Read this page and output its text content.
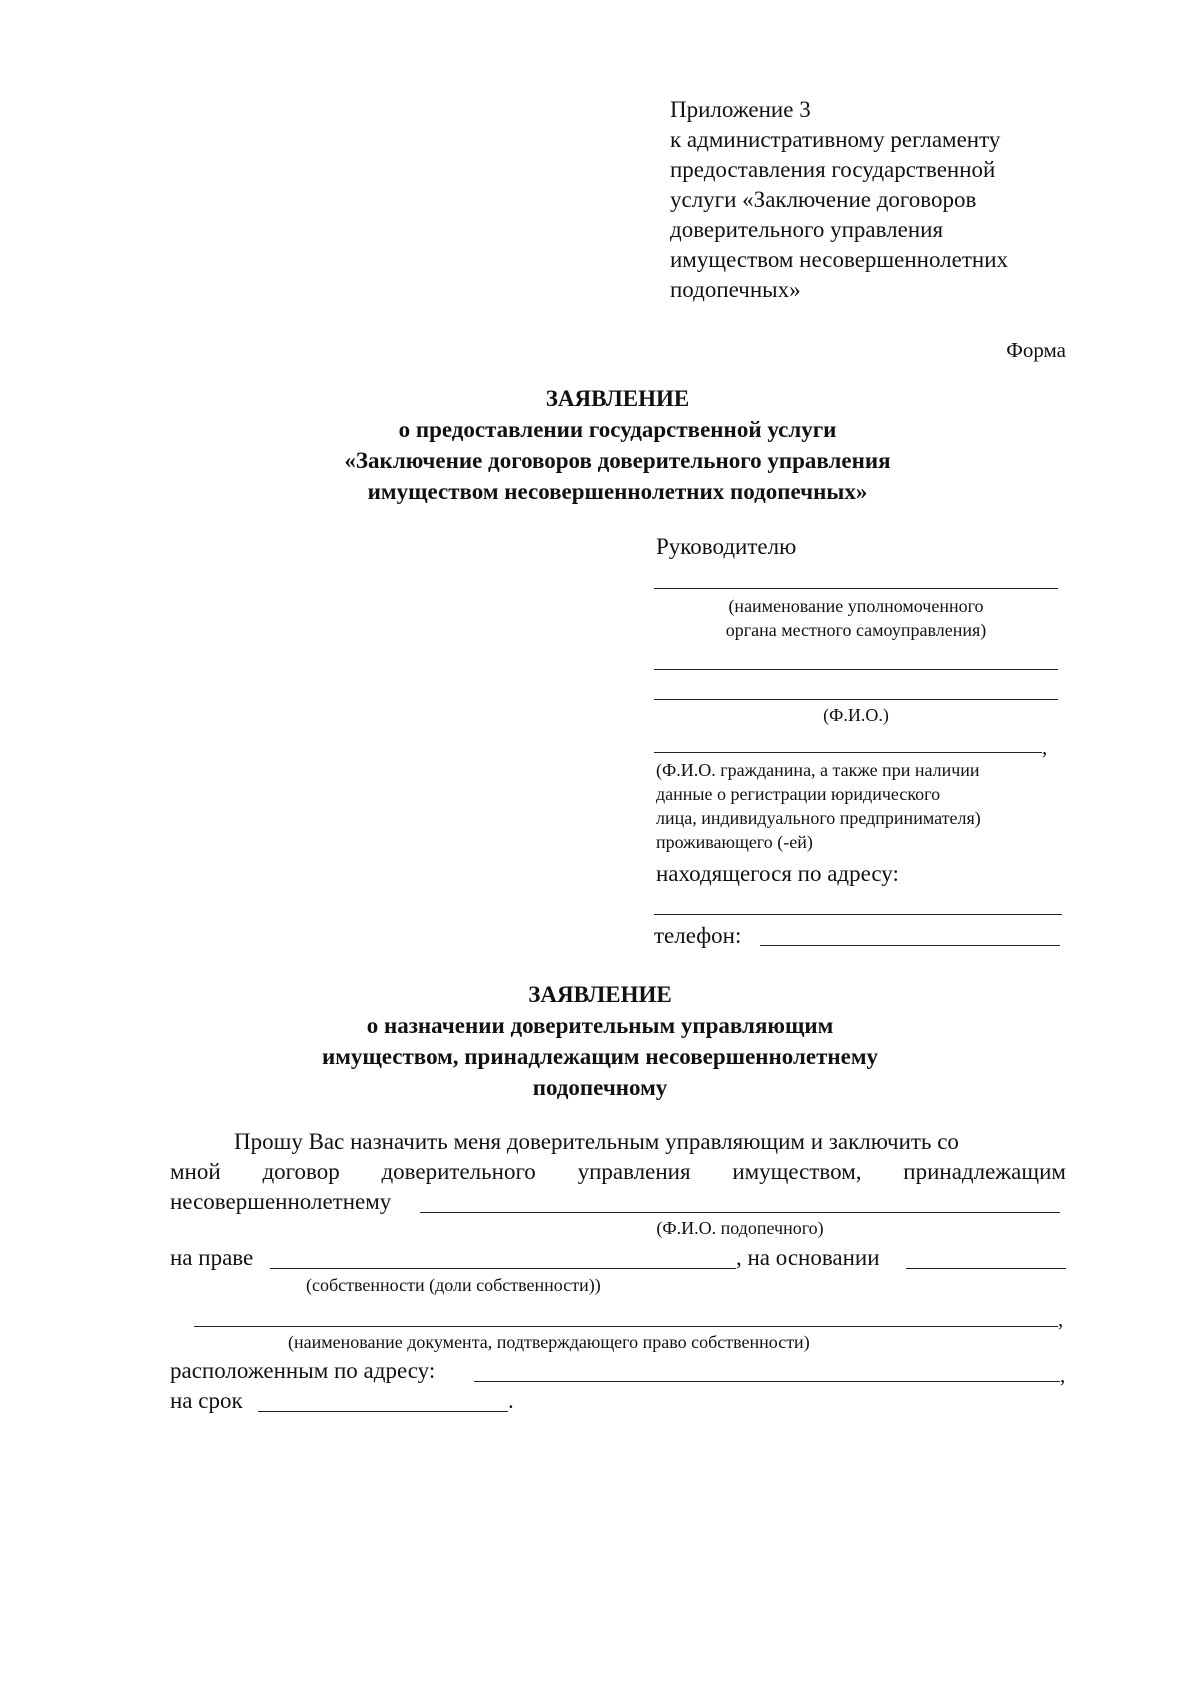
Приложение 3
к административному регламенту
предоставления государственной
услуги «Заключение договоров
доверительного управления
имуществом несовершеннолетних
подопечных»
Форма
ЗАЯВЛЕНИЕ
о предоставлении государственной услуги
«Заключение договоров доверительного управления
имуществом несовершеннолетних подопечных»
Руководителю
(наименование уполномоченного
органа местного самоуправления)
(Ф.И.О.)
,
(Ф.И.О. гражданина, а также при наличии
данные о регистрации юридического
лица, индивидуального предпринимателя)
проживающего (-ей)
находящегося по адресу:
телефон:
ЗАЯВЛЕНИЕ
о назначении доверительным управляющим
имуществом, принадлежащим несовершеннолетнему
подопечному
Прошу Вас назначить меня доверительным управляющим и заключить со
мной договор доверительного управления имуществом, принадлежащим
несовершеннолетнему
(Ф.И.О. подопечного)
на праве	, на основании
(собственности (доли собственности))
,
(наименование документа, подтверждающего право собственности)
расположенным по адресу:	,
на срок	.
